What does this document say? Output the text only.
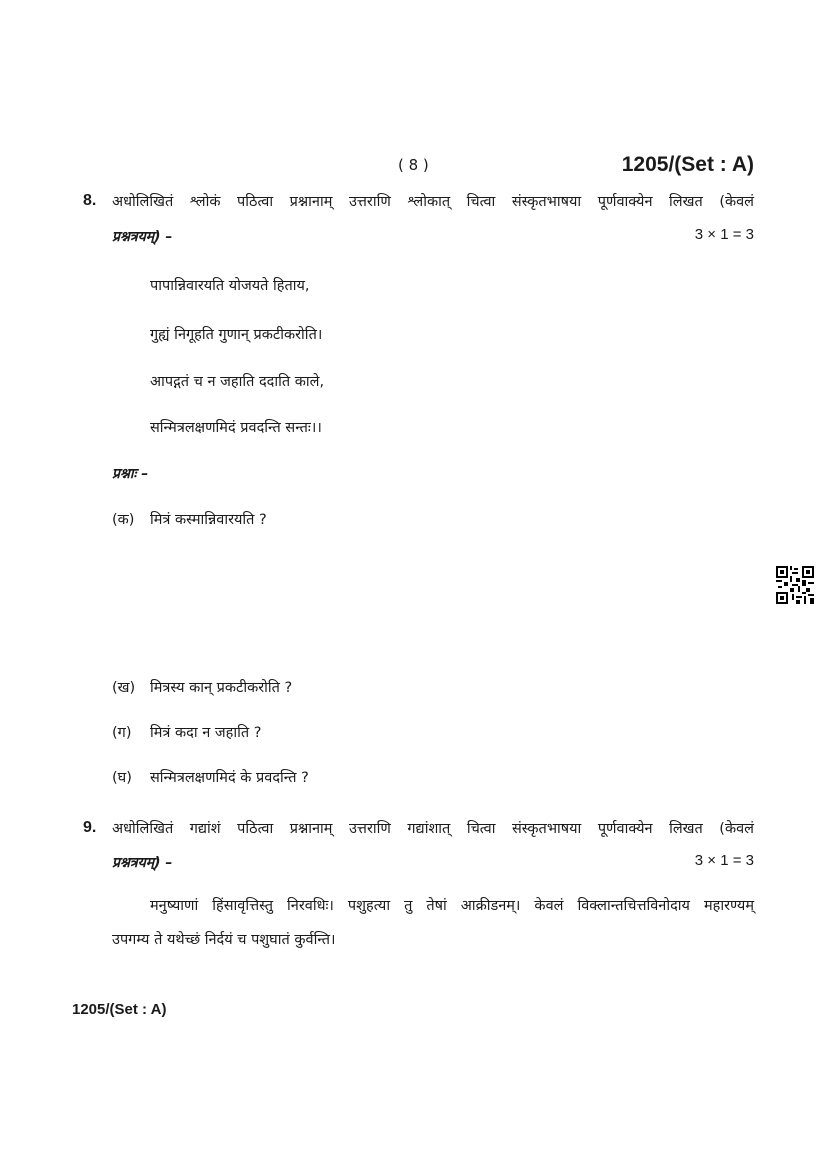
( 8 )	1205/(Set : A)
8. अधोलिखितं श्लोकं पठित्वा प्रश्नानाम् उत्तराणि श्लोकात् चित्वा संस्कृतभाषया पूर्णवाक्येन लिखत (केवलं
प्रश्नत्रयम्) –	3 × 1 = 3
पापान्निवारयति योजयते हिताय,
गुह्यं निगूहति गुणान् प्रकटीकरोति।
आपद्गतं च न जहाति ददाति काले,
सन्मित्रलक्षणमिदं प्रवदन्ति सन्तः।।
प्रश्नाः –
(क) मित्रं कस्मान्निवारयति ?
(ख) मित्रस्य कान् प्रकटीकरोति ?
(ग) मित्रं कदा न जहाति ?
(घ) सन्मित्रलक्षणमिदं के प्रवदन्ति ?
9. अधोलिखितं गद्यांशं पठित्वा प्रश्नानाम् उत्तराणि गद्यांशात् चित्वा संस्कृतभाषया पूर्णवाक्येन लिखत (केवलं
प्रश्नत्रयम्) –	3 × 1 = 3
मनुष्याणां हिंसावृत्तिस्तु निरवधिः। पशुहत्या तु तेषां आक्रीडनम्। केवलं विक्लान्तचित्तविनोदाय महारण्यम्
उपगम्य ते यथेच्छं निर्दयं च पशुघातं कुर्वन्ति।
1205/(Set : A)
